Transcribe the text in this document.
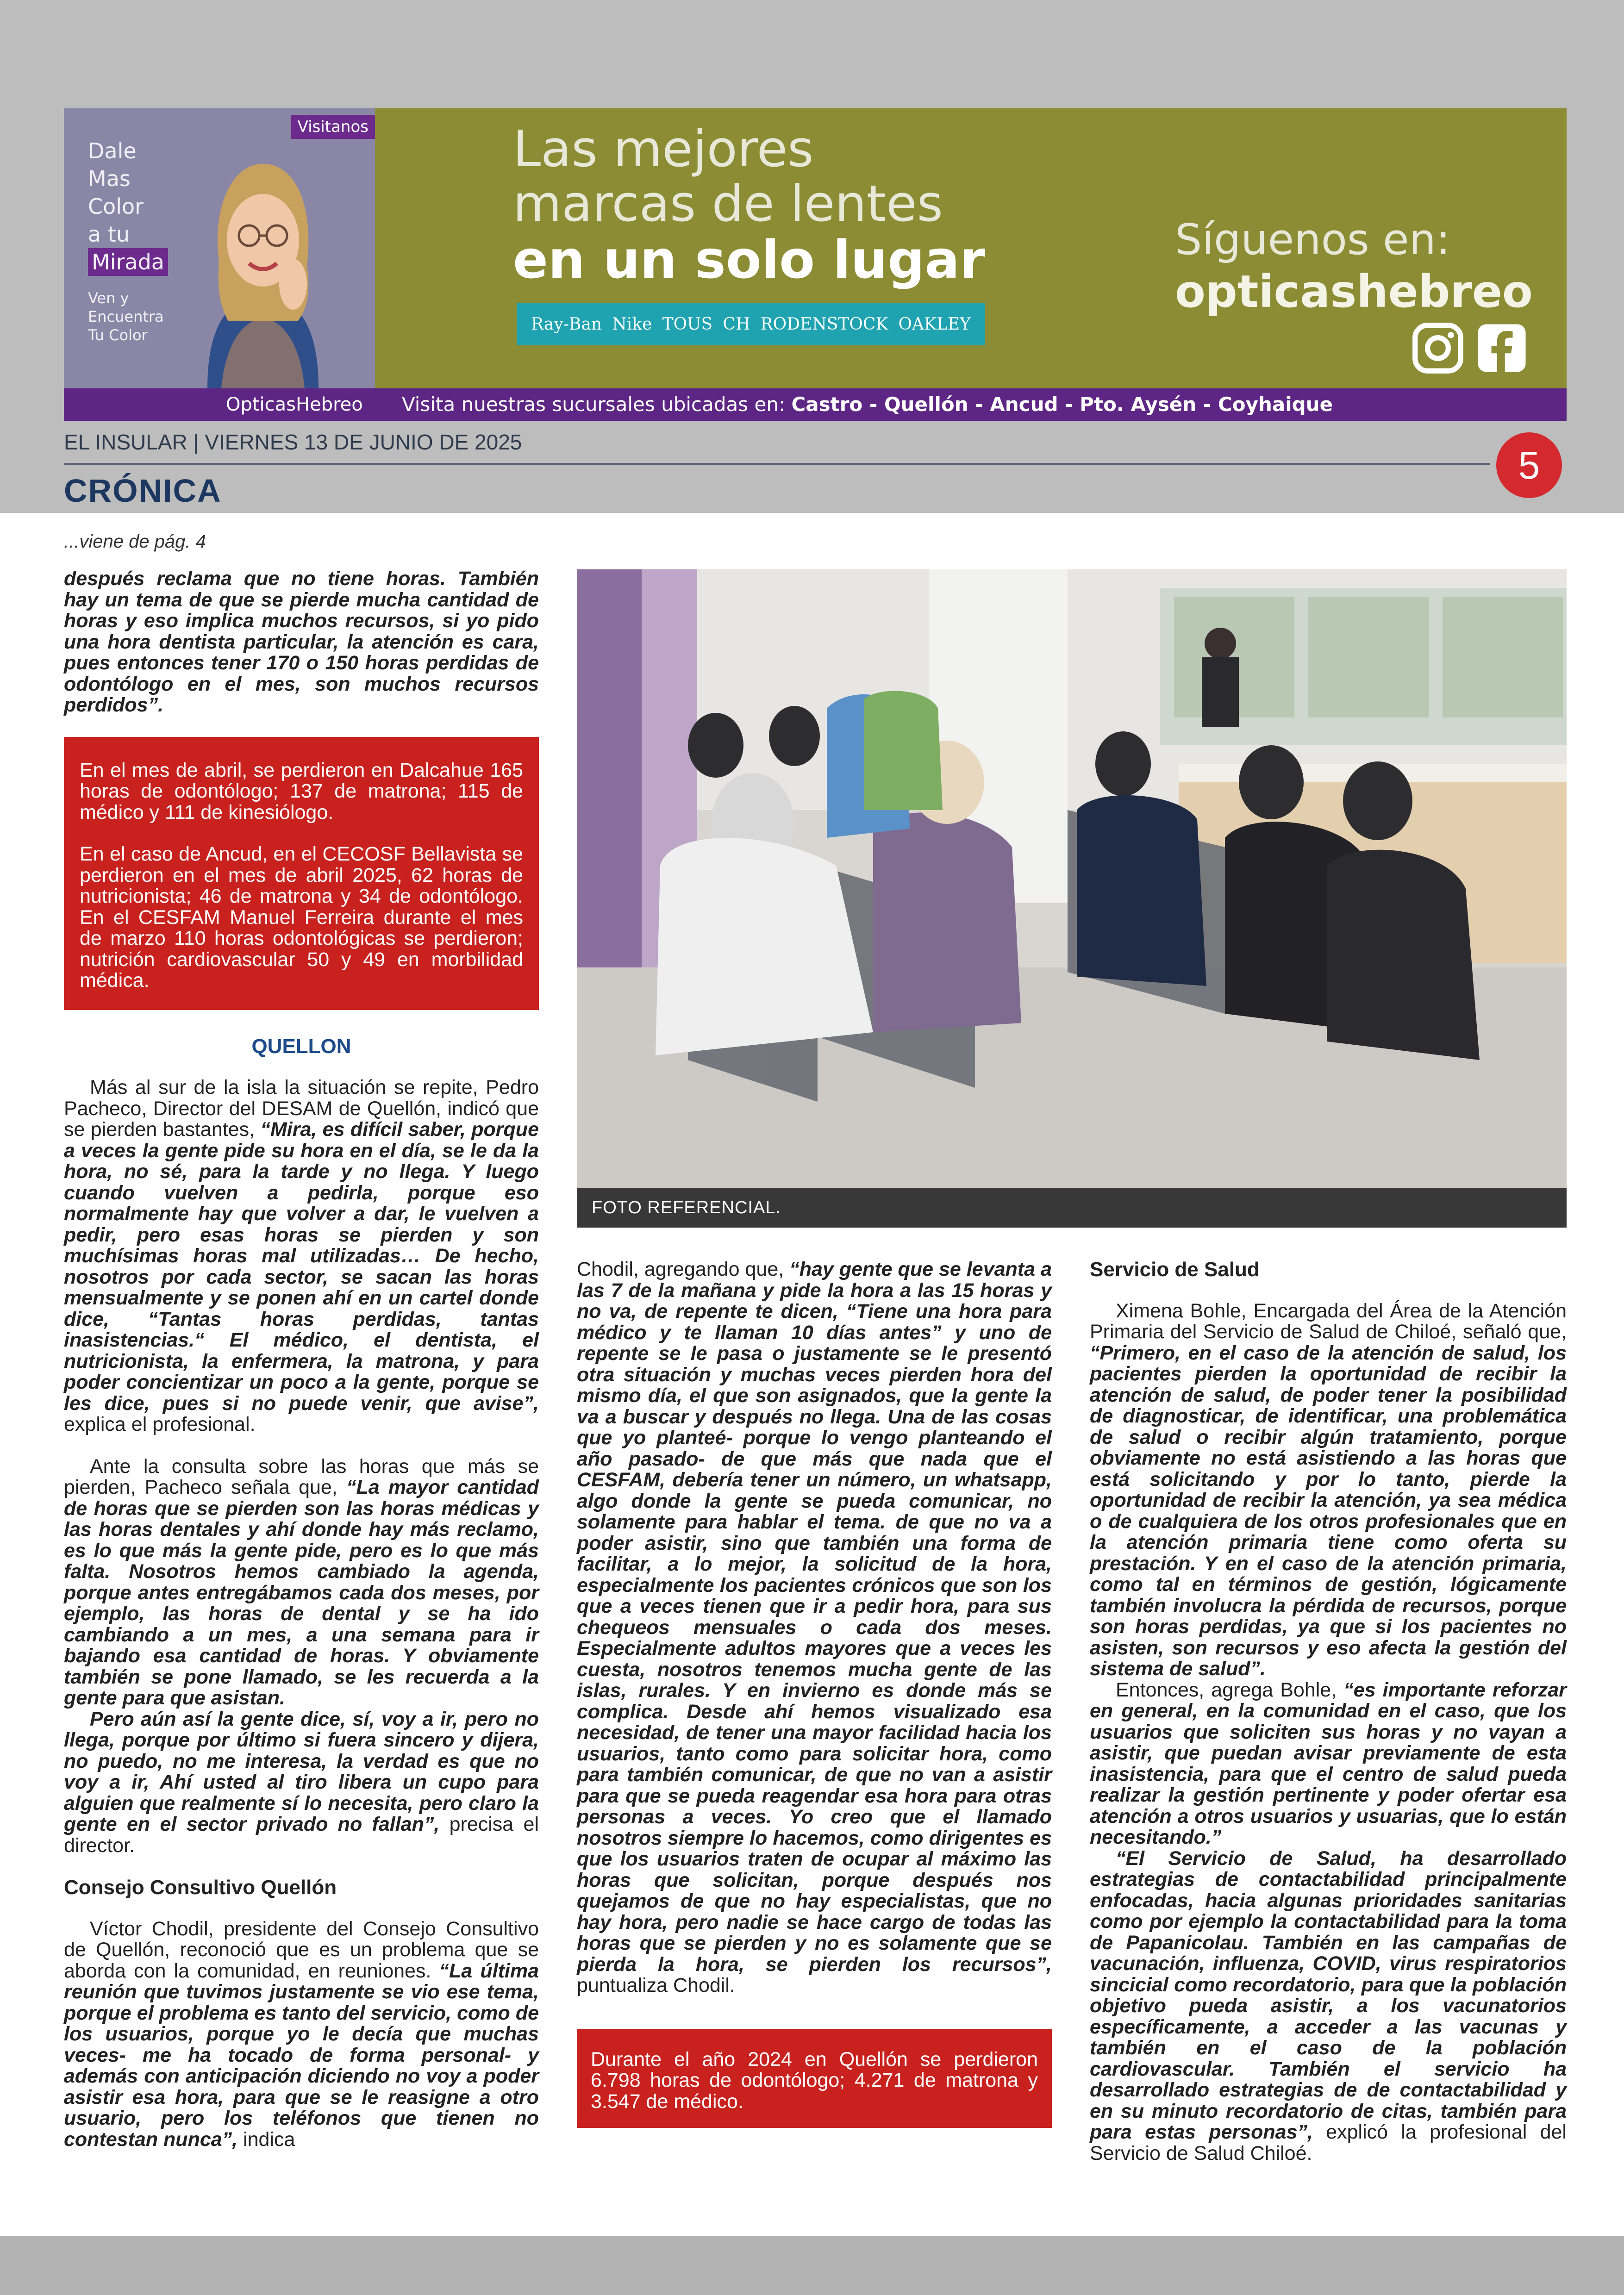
Visitanos
Dale
Mas
Color
a tu
Mirada
Ven y
Encuentra
Tu Color
Las mejores
marcas de lentes
en un solo lugar
Ray-Ban Nike TOUS CH RODENSTOCK OAKLEY
Síguenos en:
opticashebreo
OpticasHebreo Visita nuestras sucursales ubicadas en: Castro - Quellón - Ancud - Pto. Aysén - Coyhaique
EL INSULAR | VIERNES 13 DE JUNIO DE 2025
5
CRÓNICA
...viene de pág. 4

después reclama que no tiene horas. También hay un tema de que se pierde mucha cantidad de horas y eso implica muchos recursos, si yo pido una hora dentista particular, la atención es cara, pues entonces tener 170 o 150 horas perdidas de odontólogo en el mes, son muchos recursos perdidos”.

En el mes de abril, se perdieron en Dalcahue 165 horas de odontólogo; 137 de matrona; 115 de médico y 111 de kinesiólogo.

En el caso de Ancud, en el CECOSF Bellavista se perdieron en el mes de abril 2025, 62 horas de nutricionista; 46 de matrona y 34 de odontólogo. En el CESFAM Manuel Ferreira durante el mes de marzo 110 horas odontológicas se perdieron; nutrición cardiovascular 50 y 49 en morbilidad médica.

QUELLON

Más al sur de la isla la situación se repite, Pedro Pacheco, Director del DESAM de Quellón, indicó que se pierden bastantes, “Mira, es difícil saber, porque a veces la gente pide su hora en el día, se le da la hora, no sé, para la tarde y no llega. Y luego cuando vuelven a pedirla, porque eso normalmente hay que volver a dar, le vuelven a pedir, pero esas horas se pierden y son muchísimas horas mal utilizadas… De hecho, nosotros por cada sector, se sacan las horas mensualmente y se ponen ahí en un cartel donde dice, “Tantas horas perdidas, tantas inasistencias.“ El médico, el dentista, el nutricionista, la enfermera, la matrona, y para poder concientizar un poco a la gente, porque se les dice, pues si no puede venir, que avise”, explica el profesional.

Ante la consulta sobre las horas que más se pierden, Pacheco señala que, “La mayor cantidad de horas que se pierden son las horas médicas y las horas dentales y ahí donde hay más reclamo, es lo que más la gente pide, pero es lo que más falta. Nosotros hemos cambiado la agenda, porque antes entregábamos cada dos meses, por ejemplo, las horas de dental y se ha ido cambiando a un mes, a una semana para ir bajando esa cantidad de horas. Y obviamente también se pone llamado, se les recuerda a la gente para que asistan.

Pero aún así la gente dice, sí, voy a ir, pero no llega, porque por último si fuera sincero y dijera, no puedo, no me interesa, la verdad es que no voy a ir, Ahí usted al tiro libera un cupo para alguien que realmente sí lo necesita, pero claro la gente en el sector privado no fallan”, precisa el director.

Consejo Consultivo Quellón

Víctor Chodil, presidente del Consejo Consultivo de Quellón, reconoció que es un problema que se aborda con la comunidad, en reuniones. “La última reunión que tuvimos justamente se vio ese tema, porque el problema es tanto del servicio, como de los usuarios, porque yo le decía que muchas veces- me ha tocado de forma personal- y además con anticipación diciendo no voy a poder asistir esa hora, para que se le reasigne a otro usuario, pero los teléfonos que tienen no contestan nunca”, indica

FOTO REFERENCIAL.

Chodil, agregando que, “hay gente que se levanta a las 7 de la mañana y pide la hora a las 15 horas y no va, de repente te dicen, “Tiene una hora para médico y te llaman 10 días antes” y uno de repente se le pasa o justamente se le presentó otra situación y muchas veces pierden hora del mismo día, el que son asignados, que la gente la va a buscar y después no llega. Una de las cosas que yo planteé- porque lo vengo planteando el año pasado- de que más que nada que el CESFAM, debería tener un número, un whatsapp, algo donde la gente se pueda comunicar, no solamente para hablar el tema. de que no va a poder asistir, sino que también una forma de facilitar, a lo mejor, la solicitud de la hora, especialmente los pacientes crónicos que son los que a veces tienen que ir a pedir hora, para sus chequeos mensuales o cada dos meses. Especialmente adultos mayores que a veces les cuesta, nosotros tenemos mucha gente de las islas, rurales. Y en invierno es donde más se complica. Desde ahí hemos visualizado esa necesidad, de tener una mayor facilidad hacia los usuarios, tanto como para solicitar hora, como para también comunicar, de que no van a asistir para que se pueda reagendar esa hora para otras personas a veces. Yo creo que el llamado nosotros siempre lo hacemos, como dirigentes es que los usuarios traten de ocupar al máximo las horas que solicitan, porque después nos quejamos de que no hay especialistas, que no hay hora, pero nadie se hace cargo de todas las horas que se pierden y no es solamente que se pierda la hora, se pierden los recursos”, puntualiza Chodil.

Durante el año 2024 en Quellón se perdieron 6.798 horas de odontólogo; 4.271 de matrona y 3.547 de médico.

Servicio de Salud

Ximena Bohle, Encargada del Área de la Atención Primaria del Servicio de Salud de Chiloé, señaló que, “Primero, en el caso de la atención de salud, los pacientes pierden la oportunidad de recibir la atención de salud, de poder tener la posibilidad de diagnosticar, de identificar, una problemática de salud o recibir algún tratamiento, porque obviamente no está asistiendo a las horas que está solicitando y por lo tanto, pierde la oportunidad de recibir la atención, ya sea médica o de cualquiera de los otros profesionales que en la atención primaria tiene como oferta su prestación. Y en el caso de la atención primaria, como tal en términos de gestión, lógicamente también involucra la pérdida de recursos, porque son horas perdidas, ya que si los pacientes no asisten, son recursos y eso afecta la gestión del sistema de salud”.

Entonces, agrega Bohle, “es importante reforzar en general, en la comunidad en el caso, que los usuarios que soliciten sus horas y no vayan a asistir, que puedan avisar previamente de esta inasistencia, para que el centro de salud pueda realizar la gestión pertinente y poder ofertar esa atención a otros usuarios y usuarias, que lo están necesitando.”

“El Servicio de Salud, ha desarrollado estrategias de contactabilidad principalmente enfocadas, hacia algunas prioridades sanitarias como por ejemplo la contactabilidad para la toma de Papanicolau. También en las campañas de vacunación, influenza, COVID, virus respiratorios sincicial como recordatorio, para que la población objetivo pueda asistir, a los vacunatorios específicamente, a acceder a las vacunas y también en el caso de la población cardiovascular. También el servicio ha desarrollado estrategias de de contactabilidad y en su minuto recordatorio de citas, también para para estas personas”, explicó la profesional del Servicio de Salud Chiloé.
